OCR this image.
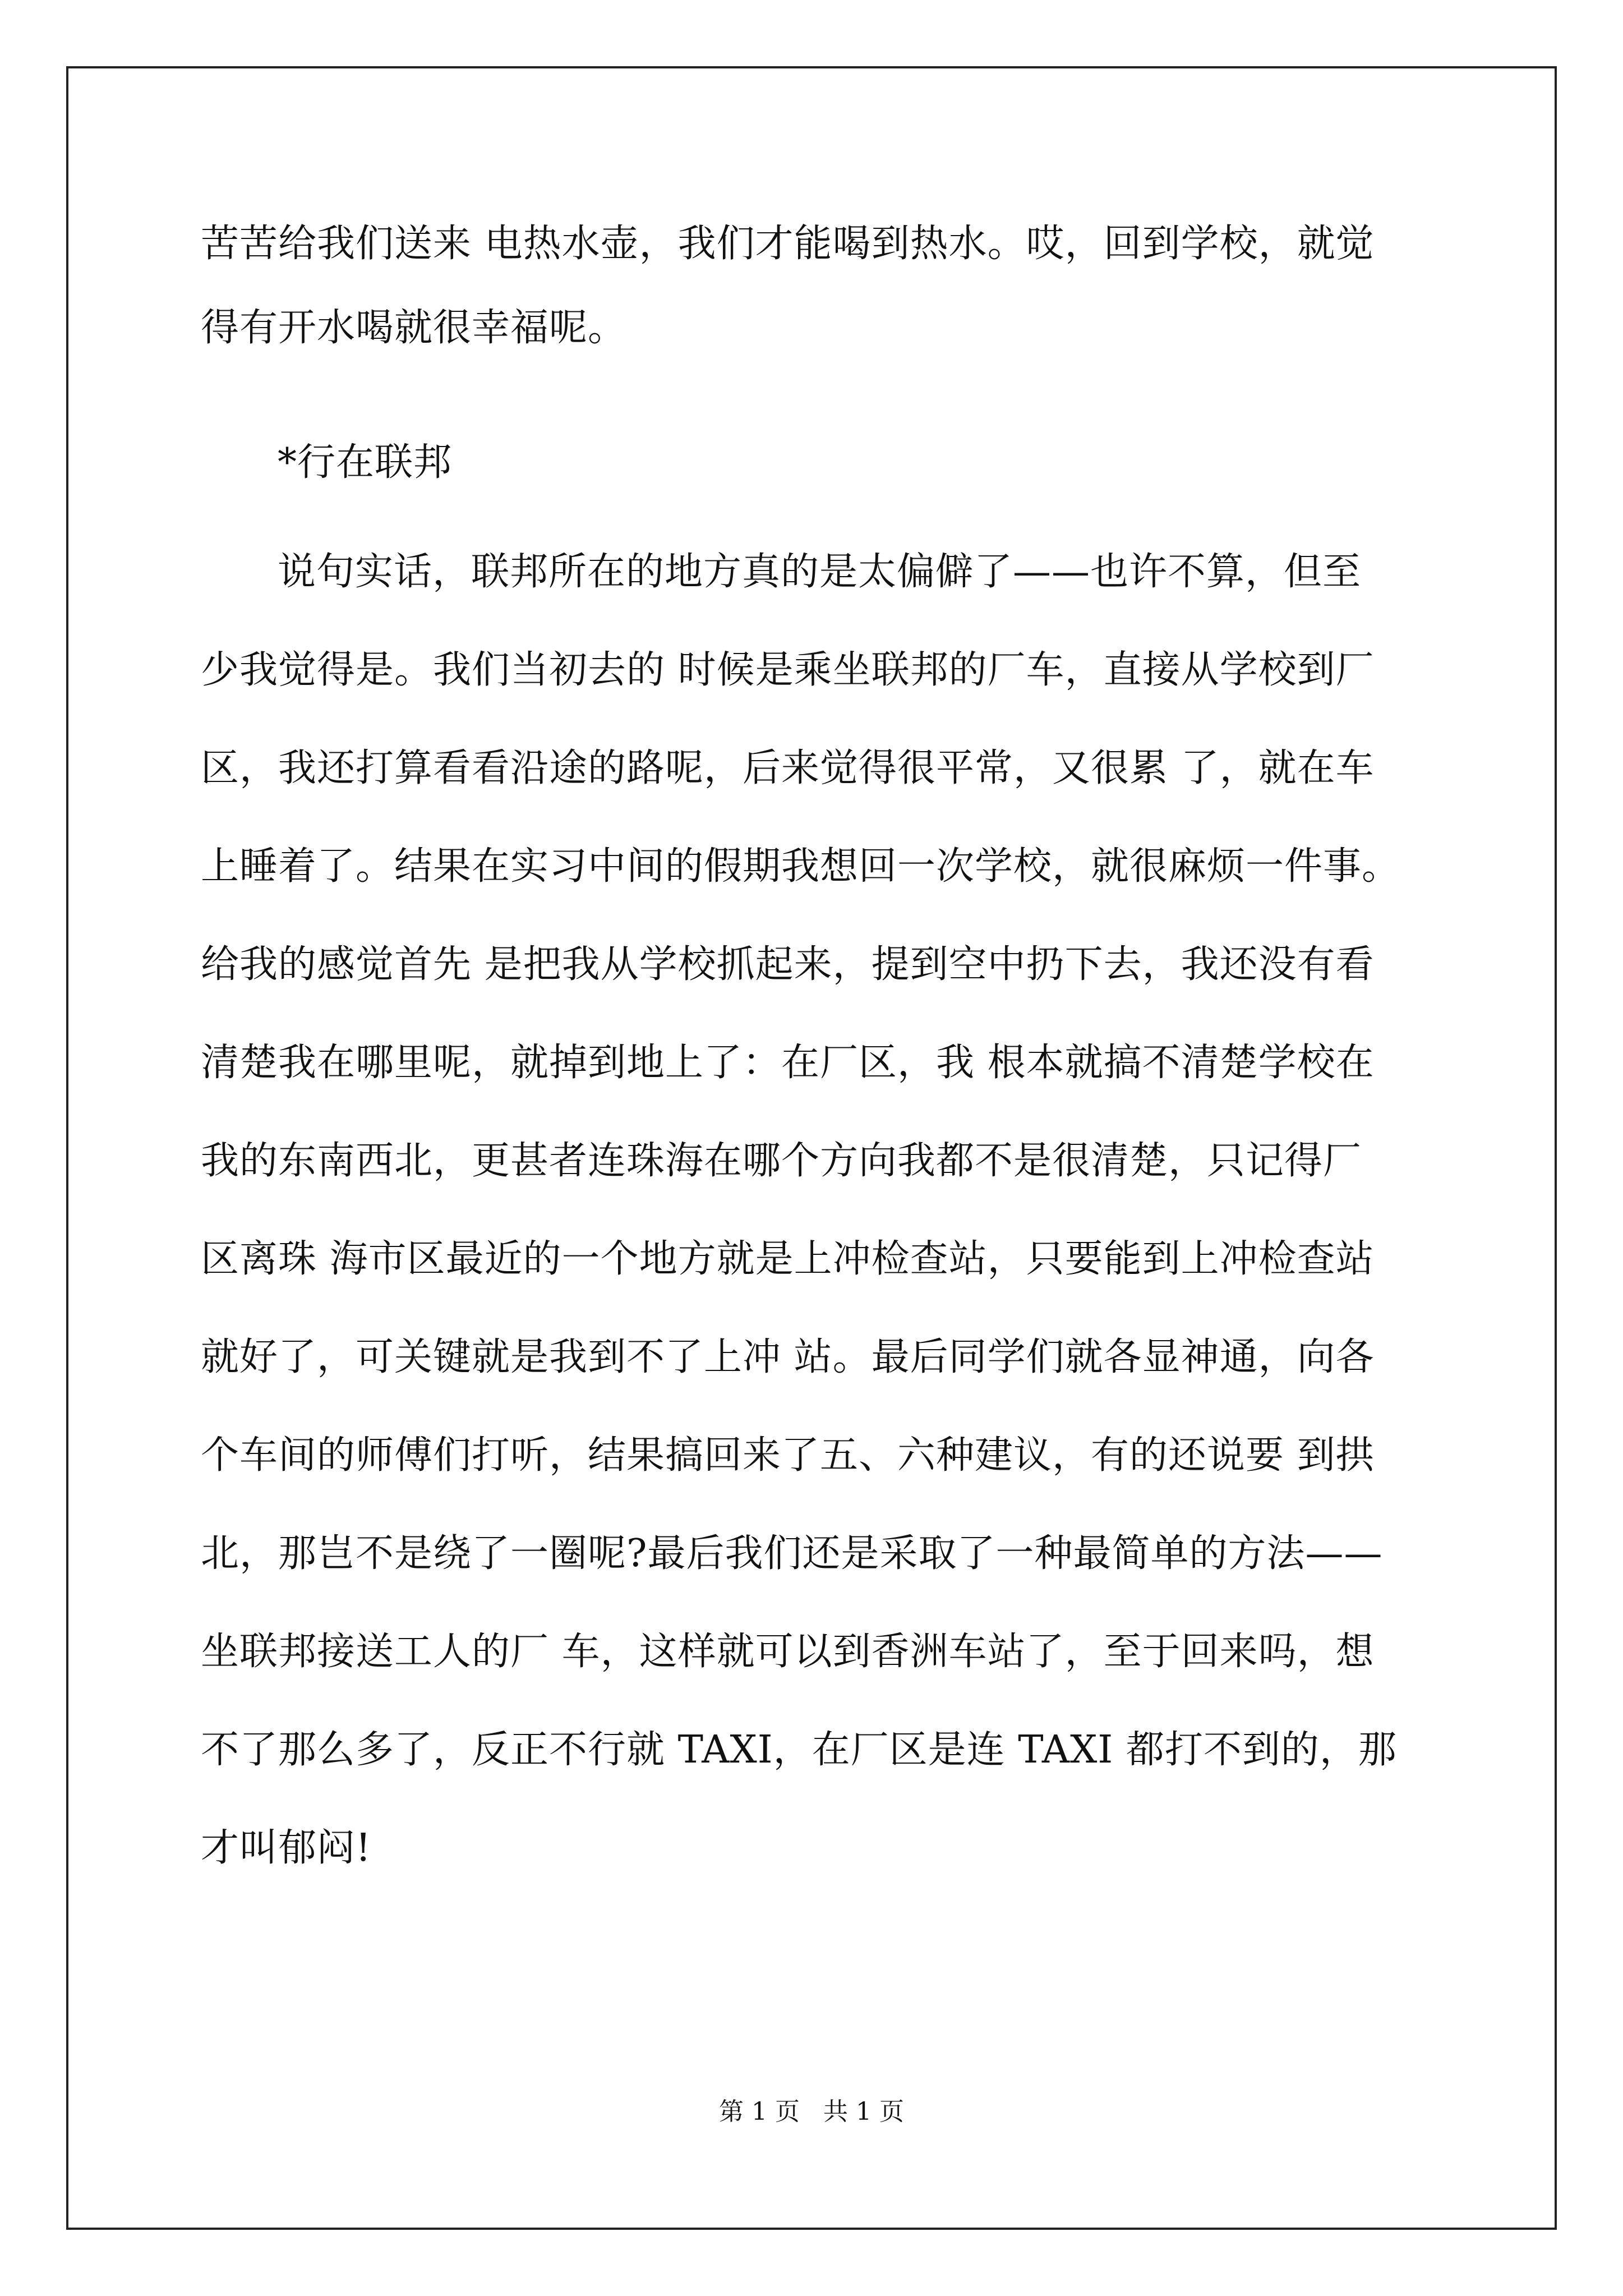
苦苦给我们送来 电热水壶，我们才能喝到热水。哎，回到学校，就觉
得有开水喝就很幸福呢。
*行在联邦
说句实话，联邦所在的地方真的是太偏僻了——也许不算，但至
少我觉得是。我们当初去的 时候是乘坐联邦的厂车，直接从学校到厂
区，我还打算看看沿途的路呢，后来觉得很平常，又很累 了，就在车
上睡着了。结果在实习中间的假期我想回一次学校，就很麻烦一件事。
给我的感觉首先 是把我从学校抓起来，提到空中扔下去，我还没有看
清楚我在哪里呢，就掉到地上了：在厂区，我 根本就搞不清楚学校在
我的东南西北，更甚者连珠海在哪个方向我都不是很清楚，只记得厂
区离珠 海市区最近的一个地方就是上冲检查站，只要能到上冲检查站
就好了，可关键就是我到不了上冲 站。最后同学们就各显神通，向各
个车间的师傅们打听，结果搞回来了五、六种建议，有的还说要 到拱
北，那岂不是绕了一圈呢?最后我们还是采取了一种最简单的方法——
坐联邦接送工人的厂 车，这样就可以到香洲车站了，至于回来吗，想
不了那么多了，反正不行就 TAXI，在厂区是连 TAXI 都打不到的，那
才叫郁闷!
第 1 页   共 1 页
